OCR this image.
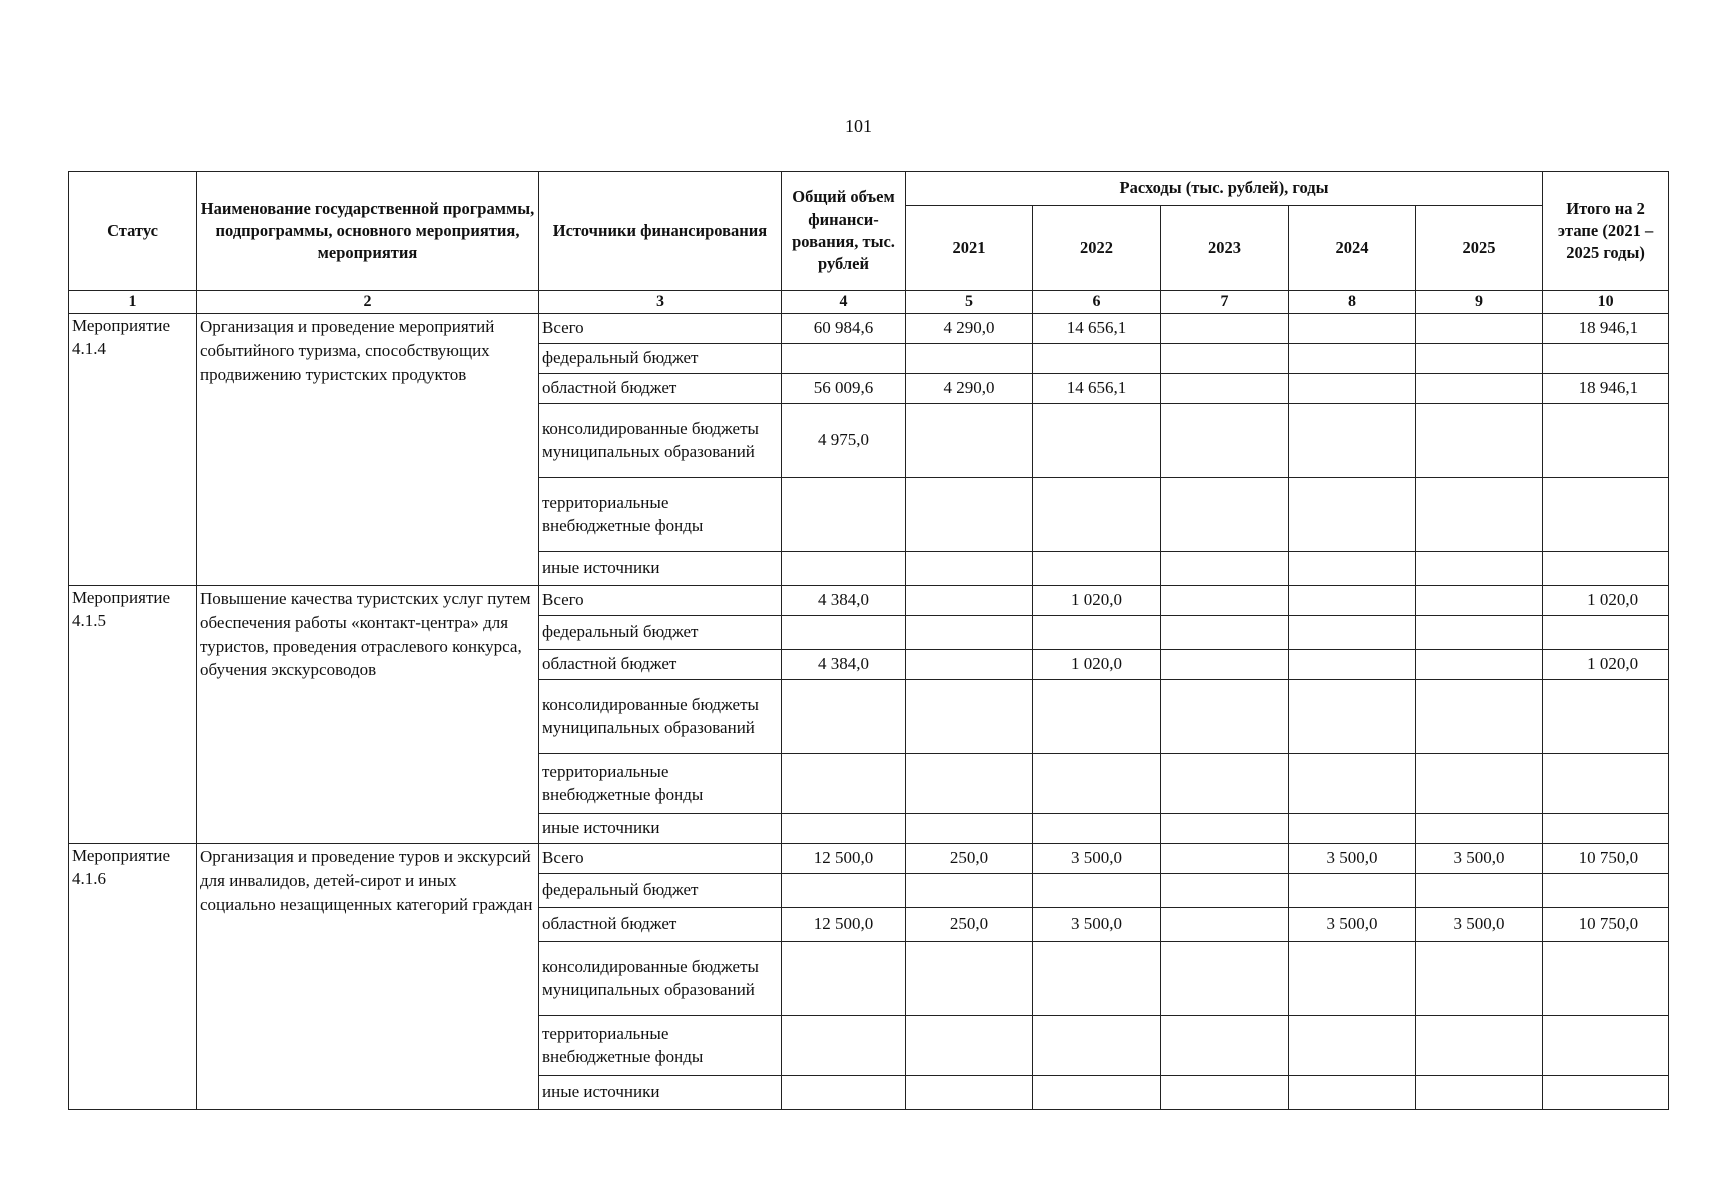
101
Статус	Наименование государственной программы, подпрограммы, основного мероприятия, мероприятия	Источники финансирования	Общий объем финанси-рования, тыс. рублей	Расходы (тыс. рублей), годы					Итого на 2 этапе (2021 – 2025 годы)
				2021	2022	2023	2024	2025	
1	2	3	4	5	6	7	8	9	10
Мероприятие 4.1.4	Организация и проведение мероприятий событийного туризма, способствующих продвижению туристских продуктов	Всего	60 984,6	4 290,0	14 656,1				18 946,1
		федеральный бюджет							
		областной бюджет	56 009,6	4 290,0	14 656,1				18 946,1
		консолидированные бюджеты муниципальных образований	4 975,0						
		территориальные внебюджетные фонды							
		иные источники							
Мероприятие 4.1.5	Повышение качества туристских услуг путем обеспечения работы «контакт-центра» для туристов, проведения отраслевого конкурса, обучения экскурсоводов	Всего	4 384,0		1 020,0				1 020,0
		федеральный бюджет							
		областной бюджет	4 384,0		1 020,0				1 020,0
		консолидированные бюджеты муниципальных образований							
		территориальные внебюджетные фонды							
		иные источники							
Мероприятие 4.1.6	Организация и проведение туров и экскурсий для инвалидов, детей-сирот и иных социально незащищенных категорий граждан	Всего	12 500,0	250,0	3 500,0		3 500,0	3 500,0	10 750,0
		федеральный бюджет							
		областной бюджет	12 500,0	250,0	3 500,0		3 500,0	3 500,0	10 750,0
		консолидированные бюджеты муниципальных образований							
		территориальные внебюджетные фонды							
		иные источники							
